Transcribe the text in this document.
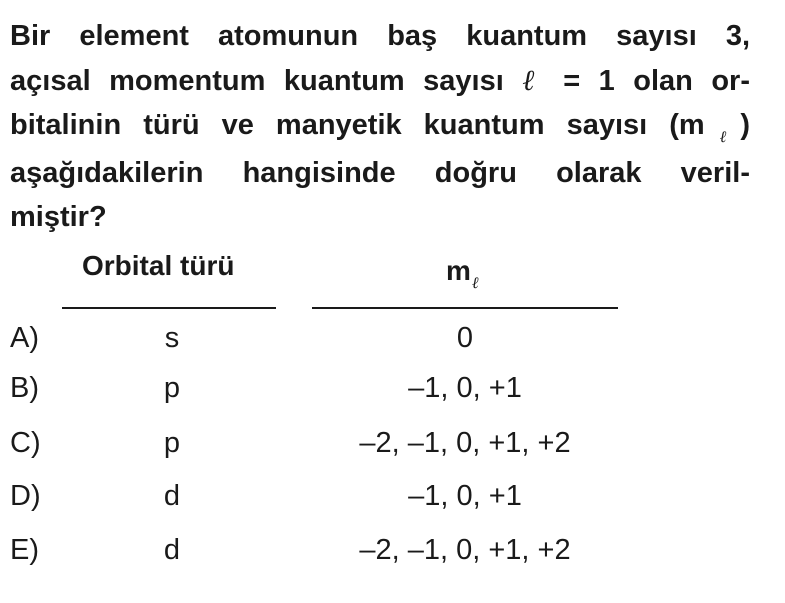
Bir element atomunun baş kuantum sayısı 3,
açısal momentum kuantum sayısı ℓ = 1 olan or-
bitalinin türü ve manyetik kuantum sayısı $(m_\ell)$
aşağıdakilerin hangisinde doğru olarak veril-
miştir?
Orbital türü	$m_\ell$
A)	s	0
B)	p	–1, 0, +1
C)	p	–2, –1, 0, +1, +2
D)	d	–1, 0, +1
E)	d	–2, –1, 0, +1, +2
